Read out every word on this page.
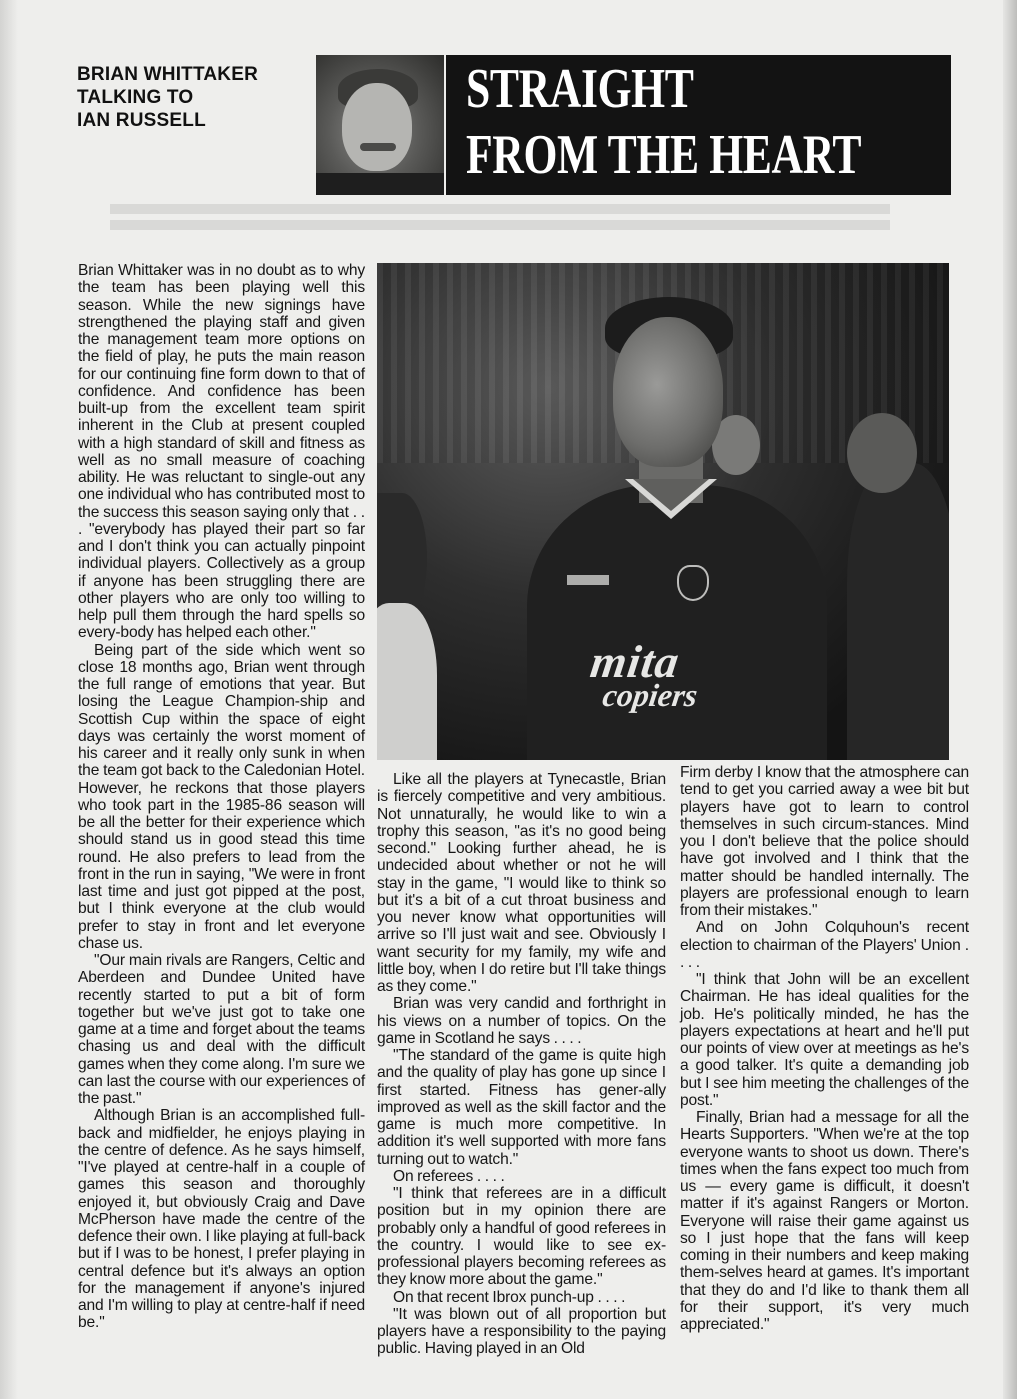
BRIAN WHITTAKER
TALKING TO
IAN RUSSELL
STRAIGHT
FROM THE HEART
mita
copiers

Brian Whittaker was in no doubt as to why the team has been playing well this season. While the new signings have strengthened the playing staff and given the management team more options on the field of play, he puts the main reason for our continuing fine form down to that of confidence. And confidence has been built-up from the excellent team spirit inherent in the Club at present coupled with a high standard of skill and fitness as well as no small measure of coaching ability. He was reluctant to single-out any one individual who has contributed most to the success this season saying only that . . . "everybody has played their part so far and I don't think you can actually pinpoint individual players. Collectively as a group if anyone has been struggling there are other players who are only too willing to help pull them through the hard spells so every-body has helped each other."

Being part of the side which went so close 18 months ago, Brian went through the full range of emotions that year. But losing the League Champion-ship and Scottish Cup within the space of eight days was certainly the worst moment of his career and it really only sunk in when the team got back to the Caledonian Hotel. However, he reckons that those players who took part in the 1985-86 season will be all the better for their experience which should stand us in good stead this time round. He also prefers to lead from the front in the run in saying, "We were in front last time and just got pipped at the post, but I think everyone at the club would prefer to stay in front and let everyone chase us.

"Our main rivals are Rangers, Celtic and Aberdeen and Dundee United have recently started to put a bit of form together but we've just got to take one game at a time and forget about the teams chasing us and deal with the difficult games when they come along. I'm sure we can last the course with our experiences of the past."

Although Brian is an accomplished full-back and midfielder, he enjoys playing in the centre of defence. As he says himself, "I've played at centre-half in a couple of games this season and thoroughly enjoyed it, but obviously Craig and Dave McPherson have made the centre of the defence their own. I like playing at full-back but if I was to be honest, I prefer playing in central defence but it's always an option for the management if anyone's injured and I'm willing to play at centre-half if need be."

Like all the players at Tynecastle, Brian is fiercely competitive and very ambitious. Not unnaturally, he would like to win a trophy this season, "as it's no good being second." Looking further ahead, he is undecided about whether or not he will stay in the game, "I would like to think so but it's a bit of a cut throat business and you never know what opportunities will arrive so I'll just wait and see. Obviously I want security for my family, my wife and little boy, when I do retire but I'll take things as they come."

Brian was very candid and forthright in his views on a number of topics. On the game in Scotland he says . . . .

"The standard of the game is quite high and the quality of play has gone up since I first started. Fitness has gener-ally improved as well as the skill factor and the game is much more competitive. In addition it's well supported with more fans turning out to watch."

On referees . . . .

"I think that referees are in a difficult position but in my opinion there are probably only a handful of good referees in the country. I would like to see ex-professional players becoming referees as they know more about the game."

On that recent Ibrox punch-up . . . .

"It was blown out of all proportion but players have a responsibility to the paying public. Having played in an Old

Firm derby I know that the atmosphere can tend to get you carried away a wee bit but players have got to learn to control themselves in such circum-stances. Mind you I don't believe that the police should have got involved and I think that the matter should be handled internally. The players are professional enough to learn from their mistakes."

And on John Colquhoun's recent election to chairman of the Players' Union . . . .

"I think that John will be an excellent Chairman. He has ideal qualities for the job. He's politically minded, he has the players expectations at heart and he'll put our points of view over at meetings as he's a good talker. It's quite a demanding job but I see him meeting the challenges of the post."

Finally, Brian had a message for all the Hearts Supporters. "When we're at the top everyone wants to shoot us down. There's times when the fans expect too much from us — every game is difficult, it doesn't matter if it's against Rangers or Morton. Everyone will raise their game against us so I just hope that the fans will keep coming in their numbers and keep making them-selves heard at games. It's important that they do and I'd like to thank them all for their support, it's very much appreciated."
